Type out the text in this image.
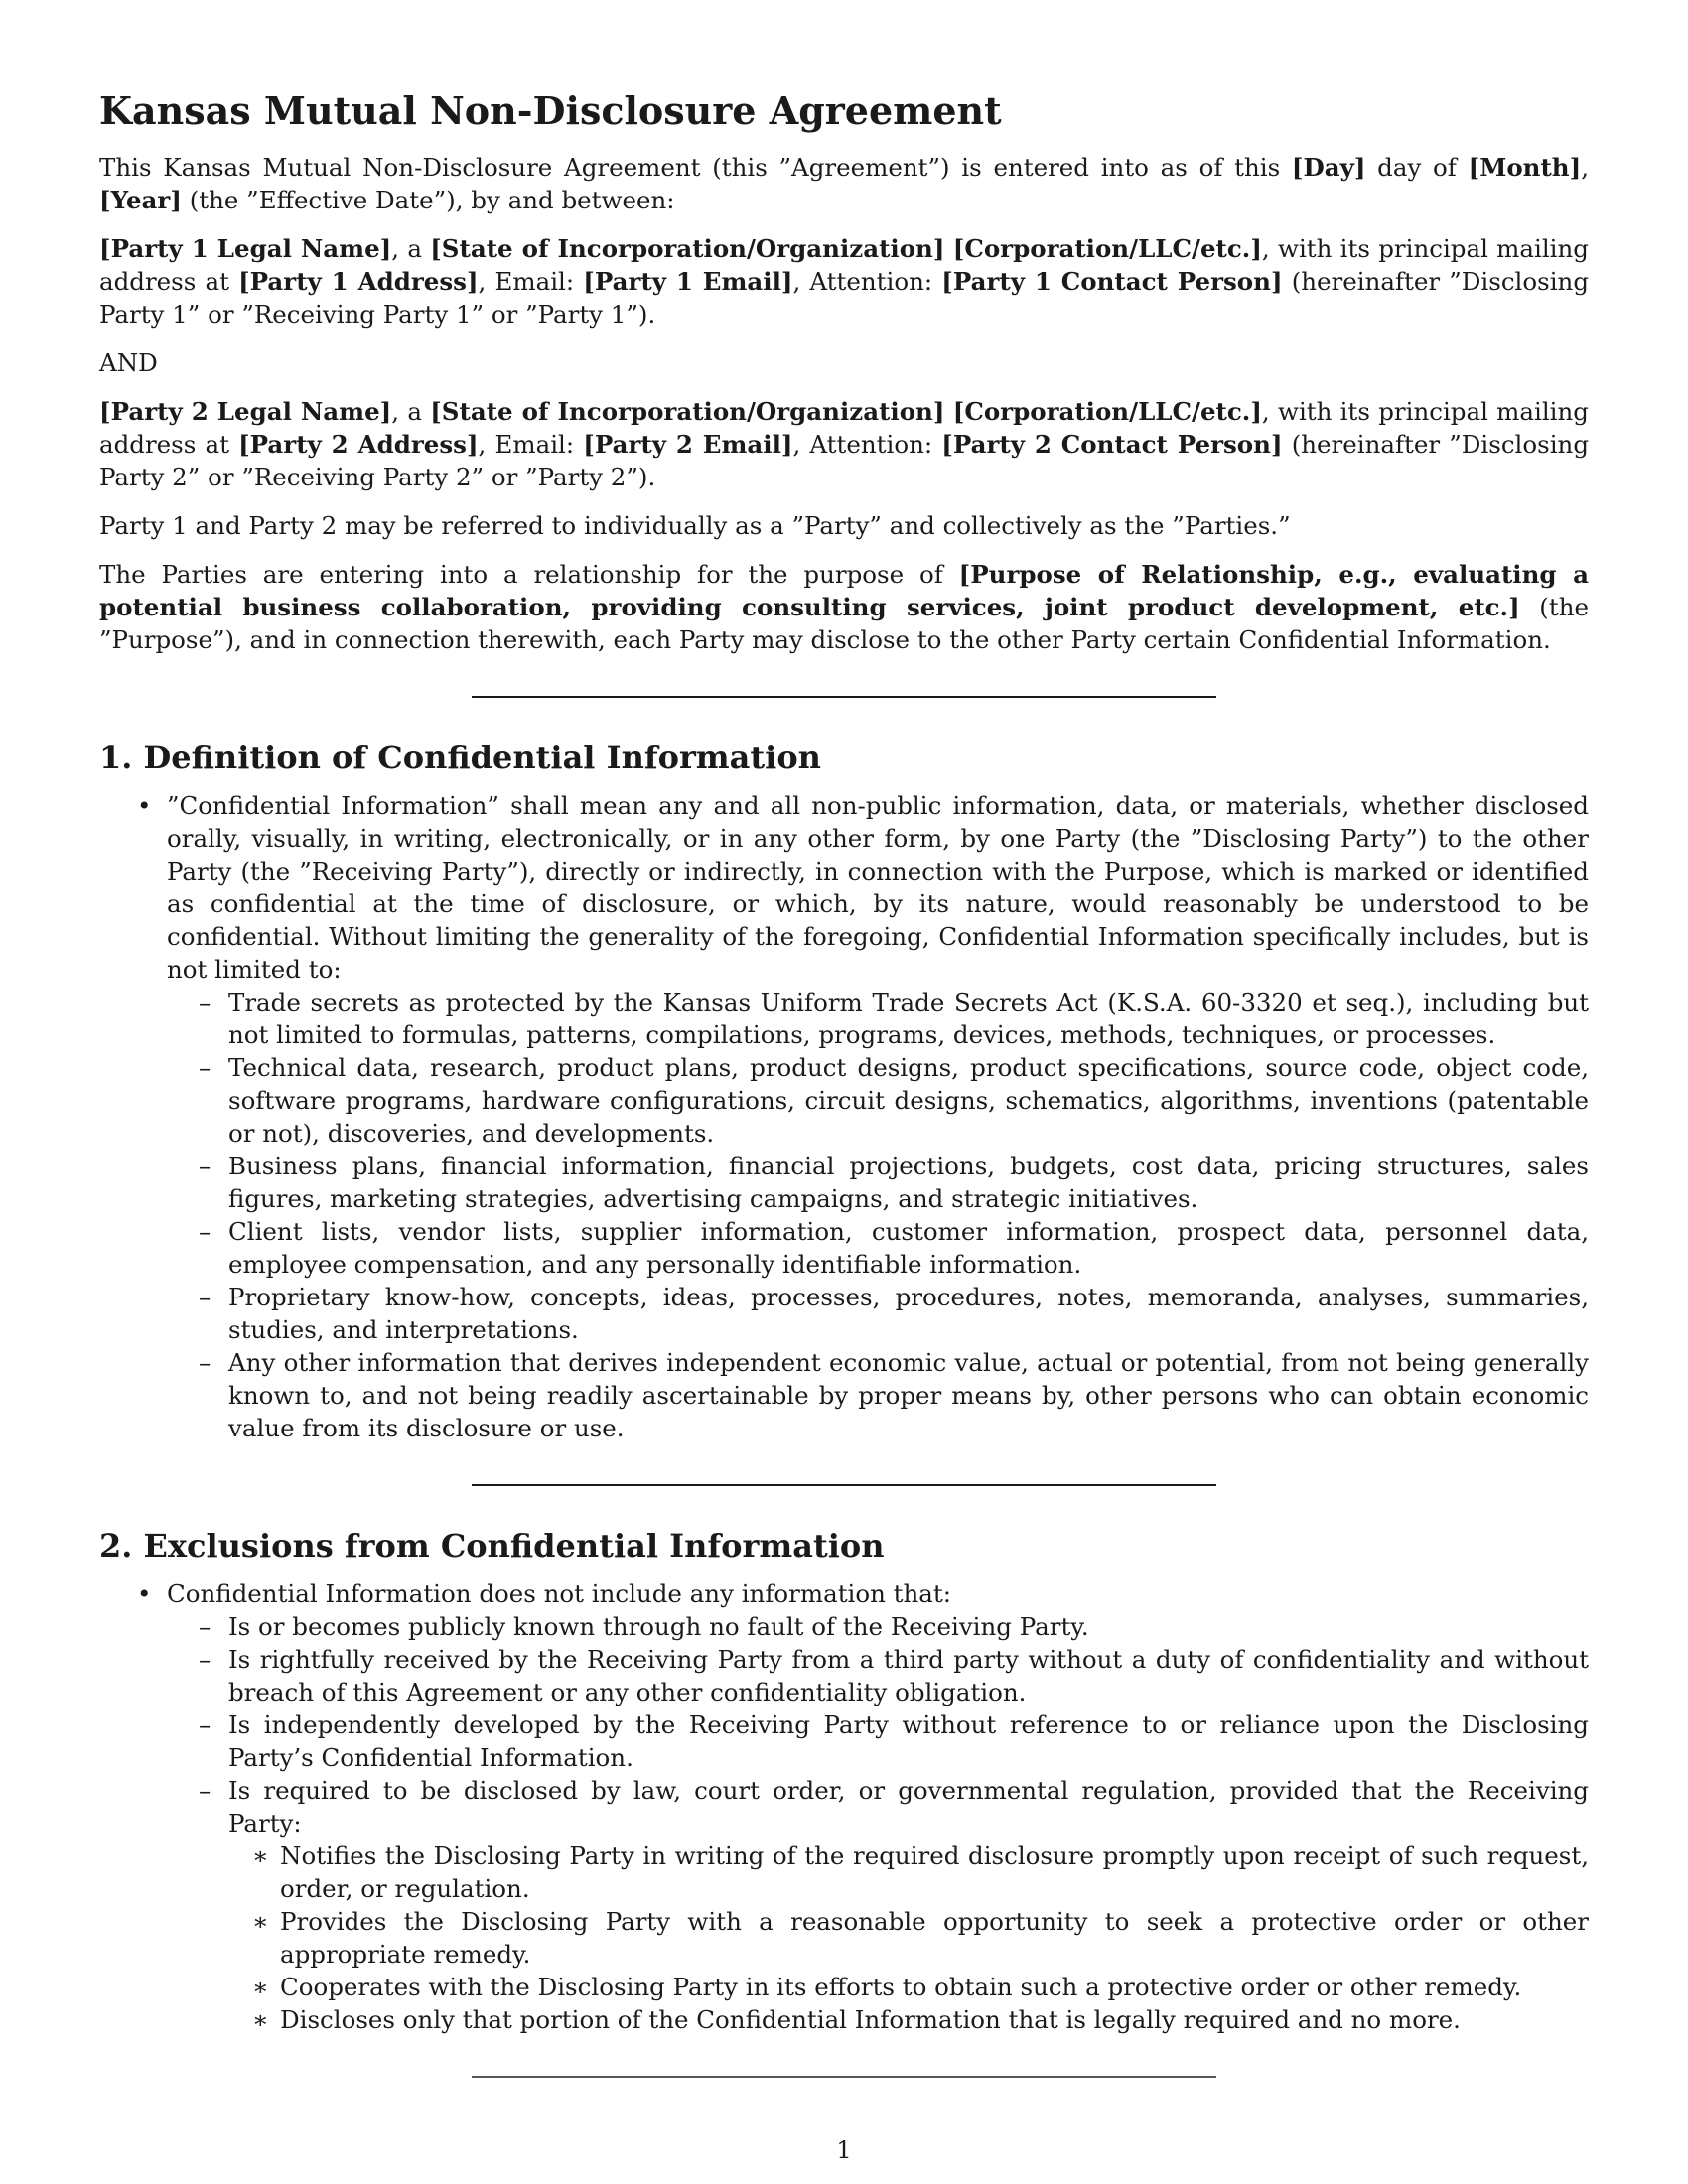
Kansas Mutual Non-Disclosure Agreement

This Kansas Mutual Non-Disclosure Agreement (this ”Agreement”) is entered into as of this [Day] day of [Month], [Year] (the ”Effective Date”), by and between:

[Party 1 Legal Name], a [State of Incorporation/Organization] [Corporation/LLC/etc.], with its principal mailing address at [Party 1 Address], Email: [Party 1 Email], Attention: [Party 1 Contact Person] (hereinafter ”Disclosing Party 1” or ”Receiving Party 1” or ”Party 1”).

AND

[Party 2 Legal Name], a [State of Incorporation/Organization] [Corporation/LLC/etc.], with its principal mailing address at [Party 2 Address], Email: [Party 2 Email], Attention: [Party 2 Contact Person] (hereinafter ”Disclosing Party 2” or ”Receiving Party 2” or ”Party 2”).

Party 1 and Party 2 may be referred to individually as a ”Party” and collectively as the ”Parties.”

The Parties are entering into a relationship for the purpose of [Purpose of Relationship, e.g., evaluating a potential business collaboration, providing consulting services, joint product development, etc.] (the ”Purpose”), and in connection therewith, each Party may disclose to the other Party certain Confidential Information.

1. Definition of Confidential Information
• ”Confidential Information” shall mean any and all non-public information, data, or materials, whether disclosed orally, visually, in writing, electronically, or in any other form, by one Party (the ”Disclosing Party”) to the other Party (the ”Receiving Party”), directly or indirectly, in connection with the Purpose, which is marked or identified as confidential at the time of disclosure, or which, by its nature, would reasonably be understood to be confidential. Without limiting the generality of the foregoing, Confidential Information specifically includes, but is not limited to:
– Trade secrets as protected by the Kansas Uniform Trade Secrets Act (K.S.A. 60-3320 et seq.), including but not limited to formulas, patterns, compilations, programs, devices, methods, techniques, or processes.
– Technical data, research, product plans, product designs, product specifications, source code, object code, software programs, hardware configurations, circuit designs, schematics, algorithms, inventions (patentable or not), discoveries, and developments.
– Business plans, financial information, financial projections, budgets, cost data, pricing structures, sales figures, marketing strategies, advertising campaigns, and strategic initiatives.
– Client lists, vendor lists, supplier information, customer information, prospect data, personnel data, employee compensation, and any personally identifiable information.
– Proprietary know-how, concepts, ideas, processes, procedures, notes, memoranda, analyses, summaries, studies, and interpretations.
– Any other information that derives independent economic value, actual or potential, from not being generally known to, and not being readily ascertainable by proper means by, other persons who can obtain economic value from its disclosure or use.
2. Exclusions from Confidential Information
• Confidential Information does not include any information that:
– Is or becomes publicly known through no fault of the Receiving Party.
– Is rightfully received by the Receiving Party from a third party without a duty of confidentiality and without breach of this Agreement or any other confidentiality obligation.
– Is independently developed by the Receiving Party without reference to or reliance upon the Disclosing Party’s Confidential Information.
– Is required to be disclosed by law, court order, or governmental regulation, provided that the Receiving Party:
∗ Notifies the Disclosing Party in writing of the required disclosure promptly upon receipt of such request, order, or regulation.
∗ Provides the Disclosing Party with a reasonable opportunity to seek a protective order or other appropriate remedy.
∗ Cooperates with the Disclosing Party in its efforts to obtain such a protective order or other remedy.
∗ Discloses only that portion of the Confidential Information that is legally required and no more.
1
